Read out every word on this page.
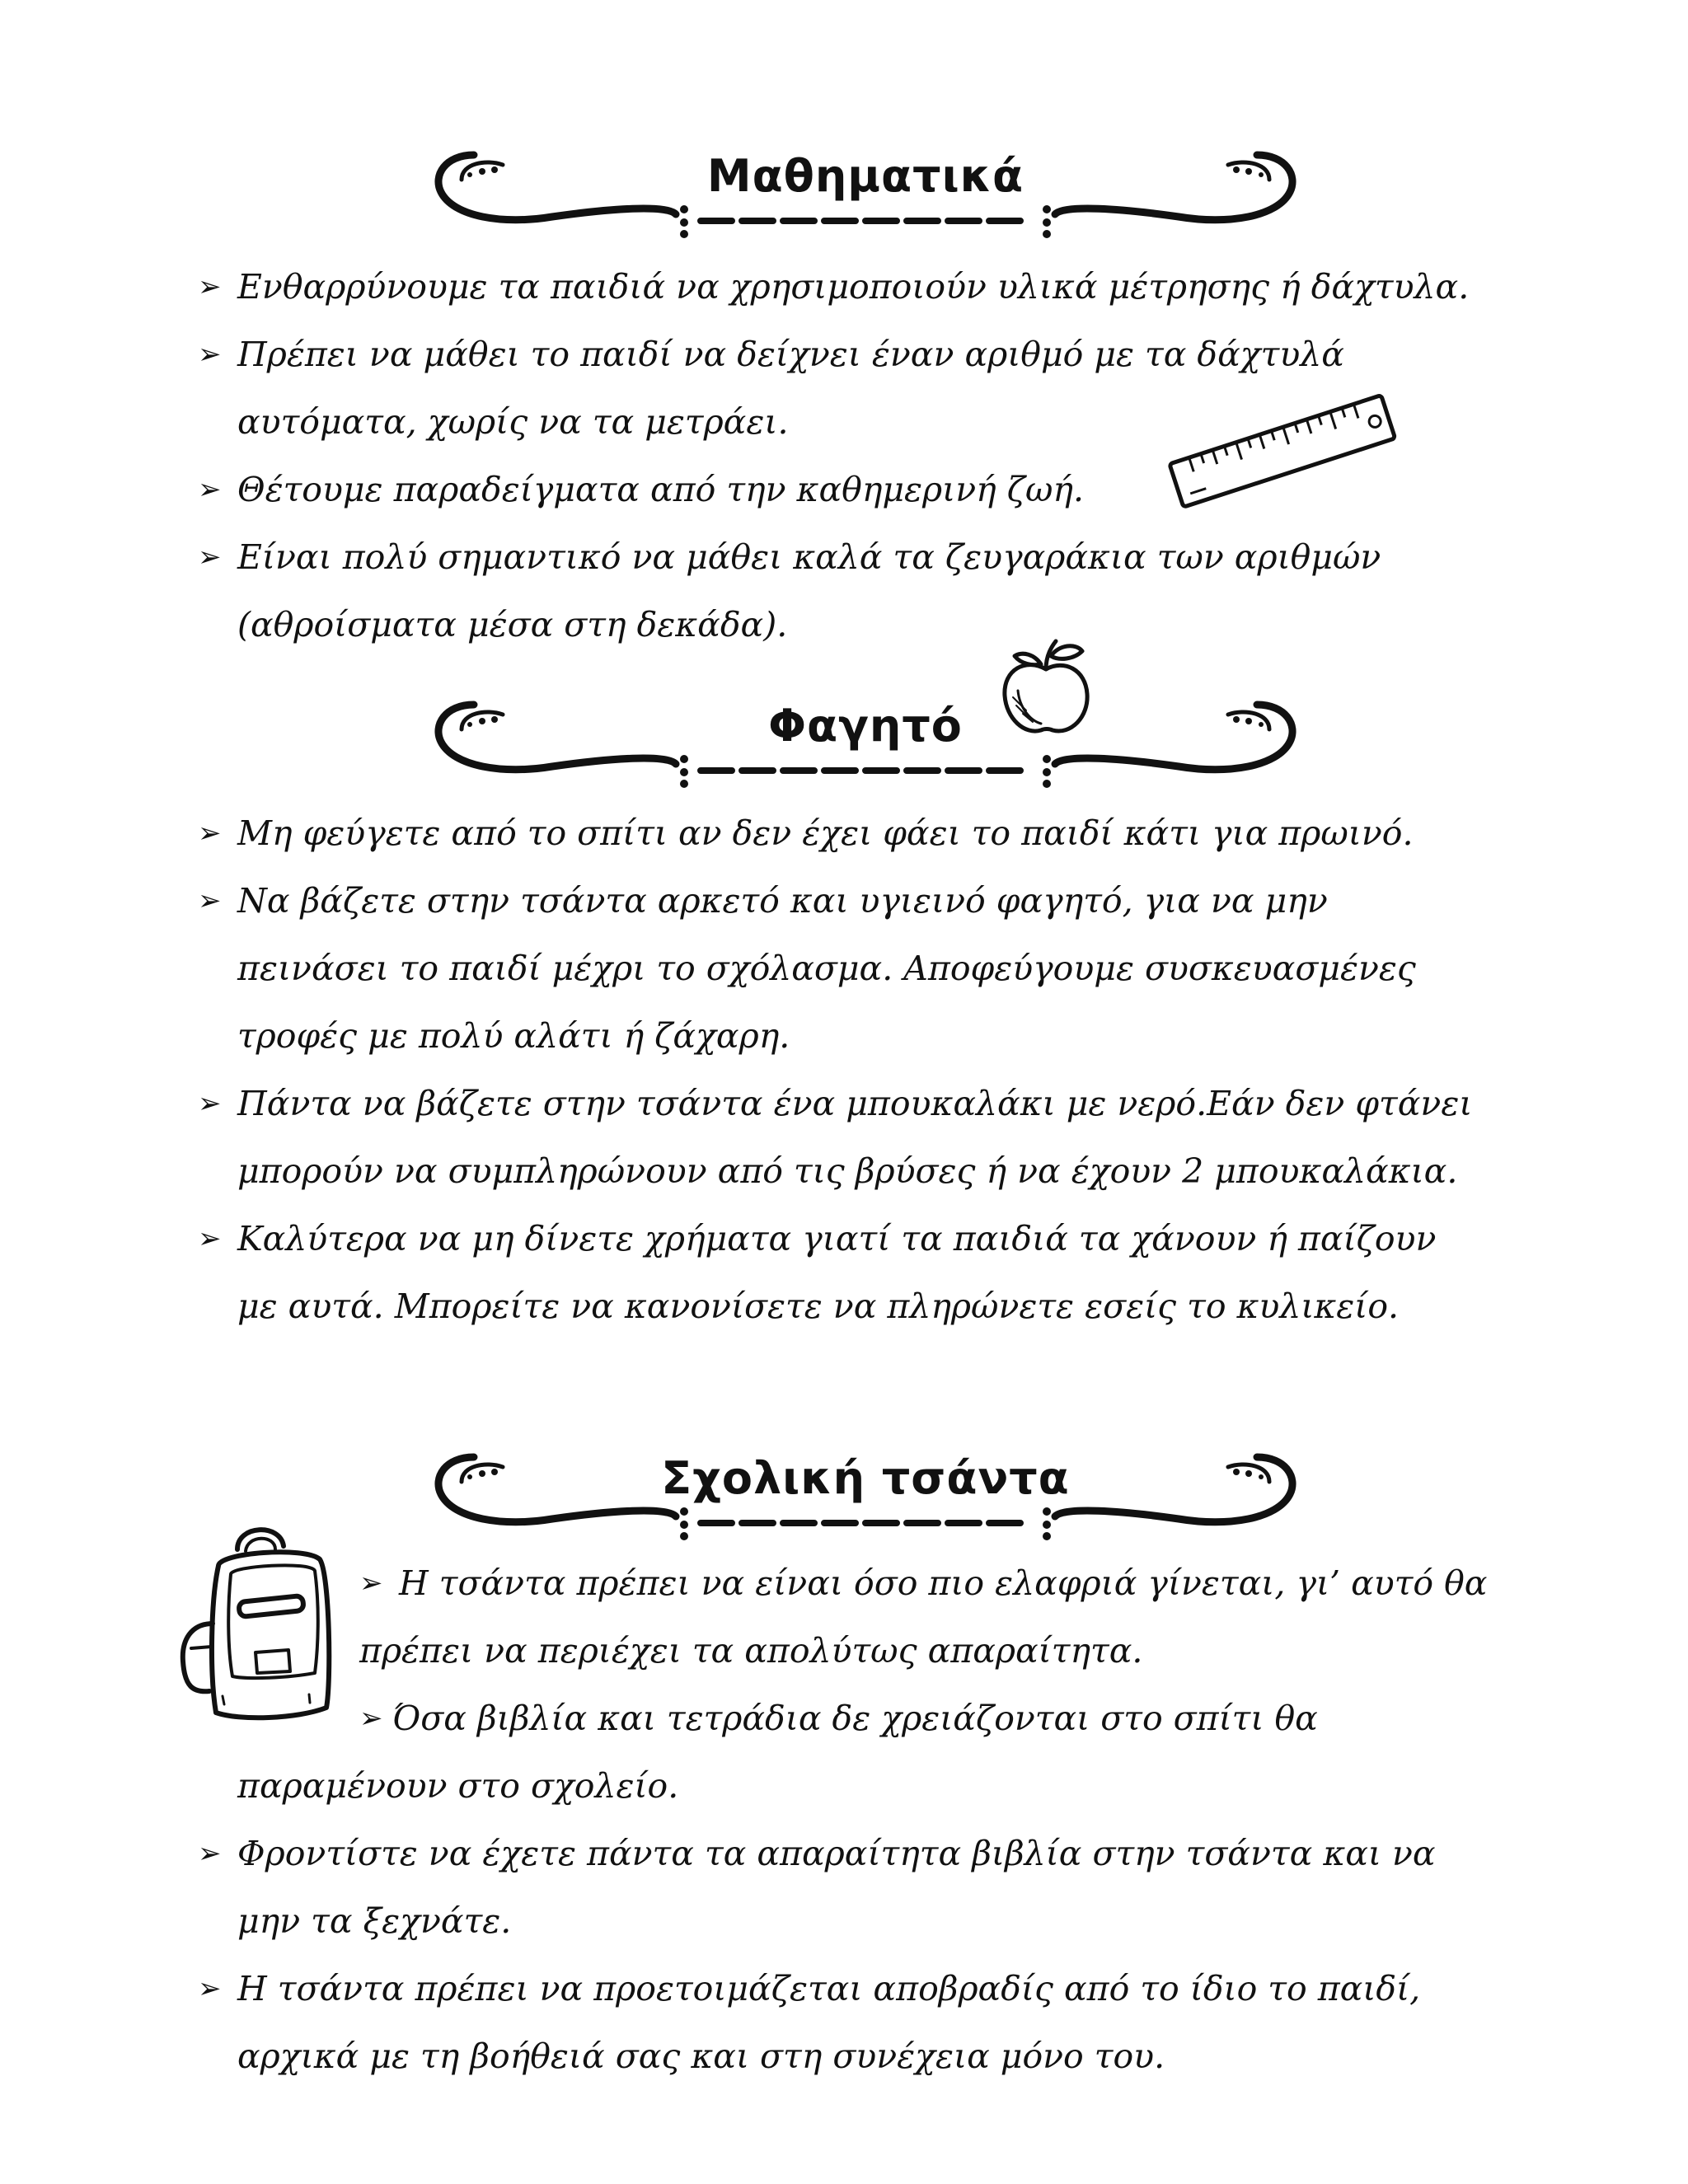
Μαθηματικά
Φαγητό
Σχολική τσάντα
➢ Ενθαρρύνουμε τα παιδιά να χρησιμοποιούν υλικά μέτρησης ή δάχτυλα.
➢ Πρέπει να μάθει το παιδί να δείχνει έναν αριθμό με τα δάχτυλά
αυτόματα, χωρίς να τα μετράει.
➢ Θέτουμε παραδείγματα από την καθημερινή ζωή.
➢ Είναι πολύ σημαντικό να μάθει καλά τα ζευγαράκια των αριθμών
(αθροίσματα μέσα στη δεκάδα).
➢ Μη φεύγετε από το σπίτι αν δεν έχει φάει το παιδί κάτι για πρωινό.
➢ Να βάζετε στην τσάντα αρκετό και υγιεινό φαγητό, για να μην
πεινάσει το παιδί μέχρι το σχόλασμα. Αποφεύγουμε συσκευασμένες
τροφές με πολύ αλάτι ή ζάχαρη.
➢ Πάντα να βάζετε στην τσάντα ένα μπουκαλάκι με νερό.Εάν δεν φτάνει
μπορούν να συμπληρώνουν από τις βρύσες ή να έχουν 2 μπουκαλάκια.
➢ Καλύτερα να μη δίνετε χρήματα γιατί τα παιδιά τα χάνουν ή παίζουν
με αυτά. Μπορείτε να κανονίσετε να πληρώνετε εσείς το κυλικείο.
➢ Η τσάντα πρέπει να είναι όσο πιο ελαφριά γίνεται, γι’ αυτό θα
πρέπει να περιέχει τα απολύτως απαραίτητα.
➢ Όσα βιβλία και τετράδια δε χρειάζονται στο σπίτι θα
παραμένουν στο σχολείο.
➢ Φροντίστε να έχετε πάντα τα απαραίτητα βιβλία στην τσάντα και να
μην τα ξεχνάτε.
➢ Η τσάντα πρέπει να προετοιμάζεται αποβραδίς από το ίδιο το παιδί,
αρχικά με τη βοήθειά σας και στη συνέχεια μόνο του.
